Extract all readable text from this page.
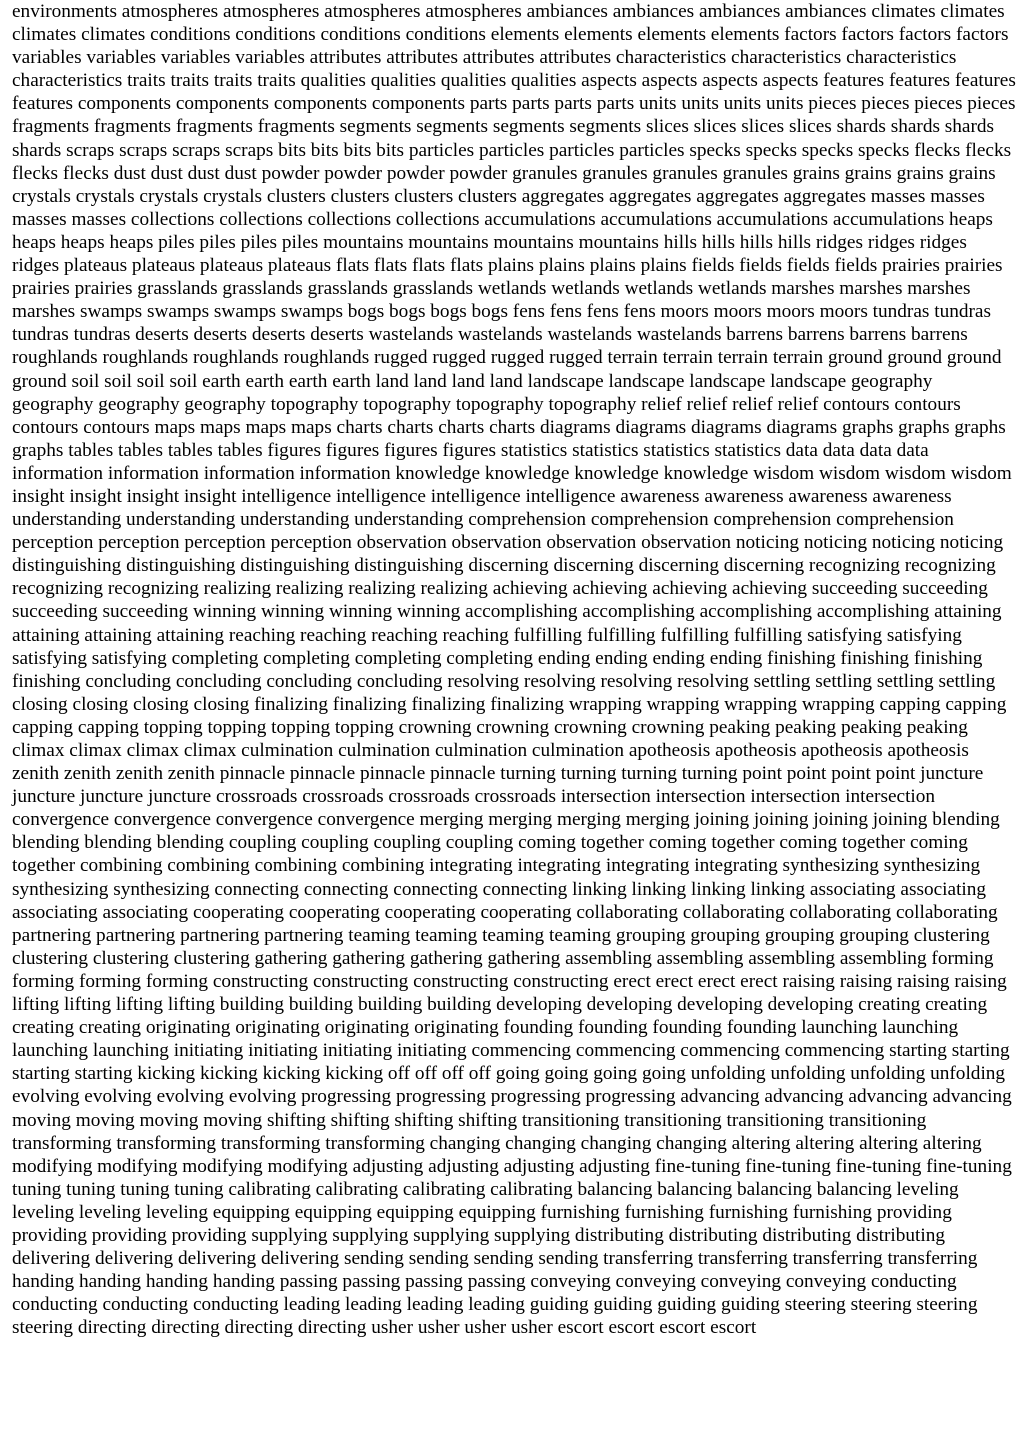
environments atmospheres atmospheres atmospheres atmospheres ambiances ambiances ambiances ambiances climates climates climates climates conditions conditions conditions conditions elements elements elements elements factors factors factors factors variables variables variables variables attributes attributes attributes attributes characteristics characteristics characteristics characteristics traits traits traits traits qualities qualities qualities qualities aspects aspects aspects aspects features features features features components components components components parts parts parts parts units units units units pieces pieces pieces pieces fragments fragments fragments fragments segments segments segments segments slices slices slices slices shards shards shards shards scraps scraps scraps scraps bits bits bits bits particles particles particles particles specks specks specks specks flecks flecks flecks flecks dust dust dust dust powder powder powder powder granules granules granules granules grains grains grains grains crystals crystals crystals crystals clusters clusters clusters clusters aggregates aggregates aggregates aggregates masses masses masses masses collections collections collections collections accumulations accumulations accumulations accumulations heaps heaps heaps heaps piles piles piles piles mountains mountains mountains mountains hills hills hills hills ridges ridges ridges ridges plateaus plateaus plateaus plateaus flats flats flats flats plains plains plains plains fields fields fields fields prairies prairies prairies prairies grasslands grasslands grasslands grasslands wetlands wetlands wetlands wetlands marshes marshes marshes marshes swamps swamps swamps swamps bogs bogs bogs bogs fens fens fens fens moors moors moors moors tundras tundras tundras tundras deserts deserts deserts deserts wastelands wastelands wastelands wastelands barrens barrens barrens barrens roughlands roughlands roughlands roughlands rugged rugged rugged rugged terrain terrain terrain terrain ground ground ground ground soil soil soil soil earth earth earth earth land land land land landscape landscape landscape landscape geography geography geography geography topography topography topography topography relief relief relief relief contours contours contours contours maps maps maps maps charts charts charts charts diagrams diagrams diagrams diagrams graphs graphs graphs graphs tables tables tables tables figures figures figures figures statistics statistics statistics statistics data data data data information information information information knowledge knowledge knowledge knowledge wisdom wisdom wisdom wisdom insight insight insight insight intelligence intelligence intelligence intelligence awareness awareness awareness awareness understanding understanding understanding understanding comprehension comprehension comprehension comprehension perception perception perception perception observation observation observation observation noticing noticing noticing noticing distinguishing distinguishing distinguishing distinguishing discerning discerning discerning discerning recognizing recognizing recognizing recognizing realizing realizing realizing realizing achieving achieving achieving achieving succeeding succeeding succeeding succeeding winning winning winning winning accomplishing accomplishing accomplishing accomplishing attaining attaining attaining attaining reaching reaching reaching reaching fulfilling fulfilling fulfilling fulfilling satisfying satisfying satisfying satisfying completing completing completing completing ending ending ending ending finishing finishing finishing finishing concluding concluding concluding concluding resolving resolving resolving resolving settling settling settling settling closing closing closing closing finalizing finalizing finalizing finalizing wrapping wrapping wrapping wrapping capping capping capping capping topping topping topping topping crowning crowning crowning crowning peaking peaking peaking peaking climax climax climax climax culmination culmination culmination culmination apotheosis apotheosis apotheosis apotheosis zenith zenith zenith zenith pinnacle pinnacle pinnacle pinnacle turning turning turning turning point point point point juncture juncture juncture juncture crossroads crossroads crossroads crossroads intersection intersection intersection intersection convergence convergence convergence convergence merging merging merging merging joining joining joining joining blending blending blending blending coupling coupling coupling coupling coming together coming together coming together coming together combining combining combining combining integrating integrating integrating integrating synthesizing synthesizing synthesizing synthesizing connecting connecting connecting connecting linking linking linking linking associating associating associating associating cooperating cooperating cooperating cooperating collaborating collaborating collaborating collaborating partnering partnering partnering partnering teaming teaming teaming teaming grouping grouping grouping grouping clustering clustering clustering clustering gathering gathering gathering gathering assembling assembling assembling assembling forming forming forming forming constructing constructing constructing constructing erect erect erect erect raising raising raising raising lifting lifting lifting lifting building building building building developing developing developing developing creating creating creating creating originating originating originating originating founding founding founding founding launching launching launching launching initiating initiating initiating initiating commencing commencing commencing commencing starting starting starting starting kicking kicking kicking kicking off off off off going going going going unfolding unfolding unfolding unfolding evolving evolving evolving evolving progressing progressing progressing progressing advancing advancing advancing advancing moving moving moving moving shifting shifting shifting shifting transitioning transitioning transitioning transitioning transforming transforming transforming transforming changing changing changing changing altering altering altering altering modifying modifying modifying modifying adjusting adjusting adjusting adjusting fine-tuning fine-tuning fine-tuning fine-tuning tuning tuning tuning tuning calibrating calibrating calibrating calibrating balancing balancing balancing balancing leveling leveling leveling leveling equipping equipping equipping equipping furnishing furnishing furnishing furnishing providing providing providing providing supplying supplying supplying supplying distributing distributing distributing distributing delivering delivering delivering delivering sending sending sending sending transferring transferring transferring transferring handing handing handing handing passing passing passing passing conveying conveying conveying conveying conducting conducting conducting conducting leading leading leading leading guiding guiding guiding guiding steering steering steering steering directing directing directing directing usher usher usher usher escort escort escort escort
